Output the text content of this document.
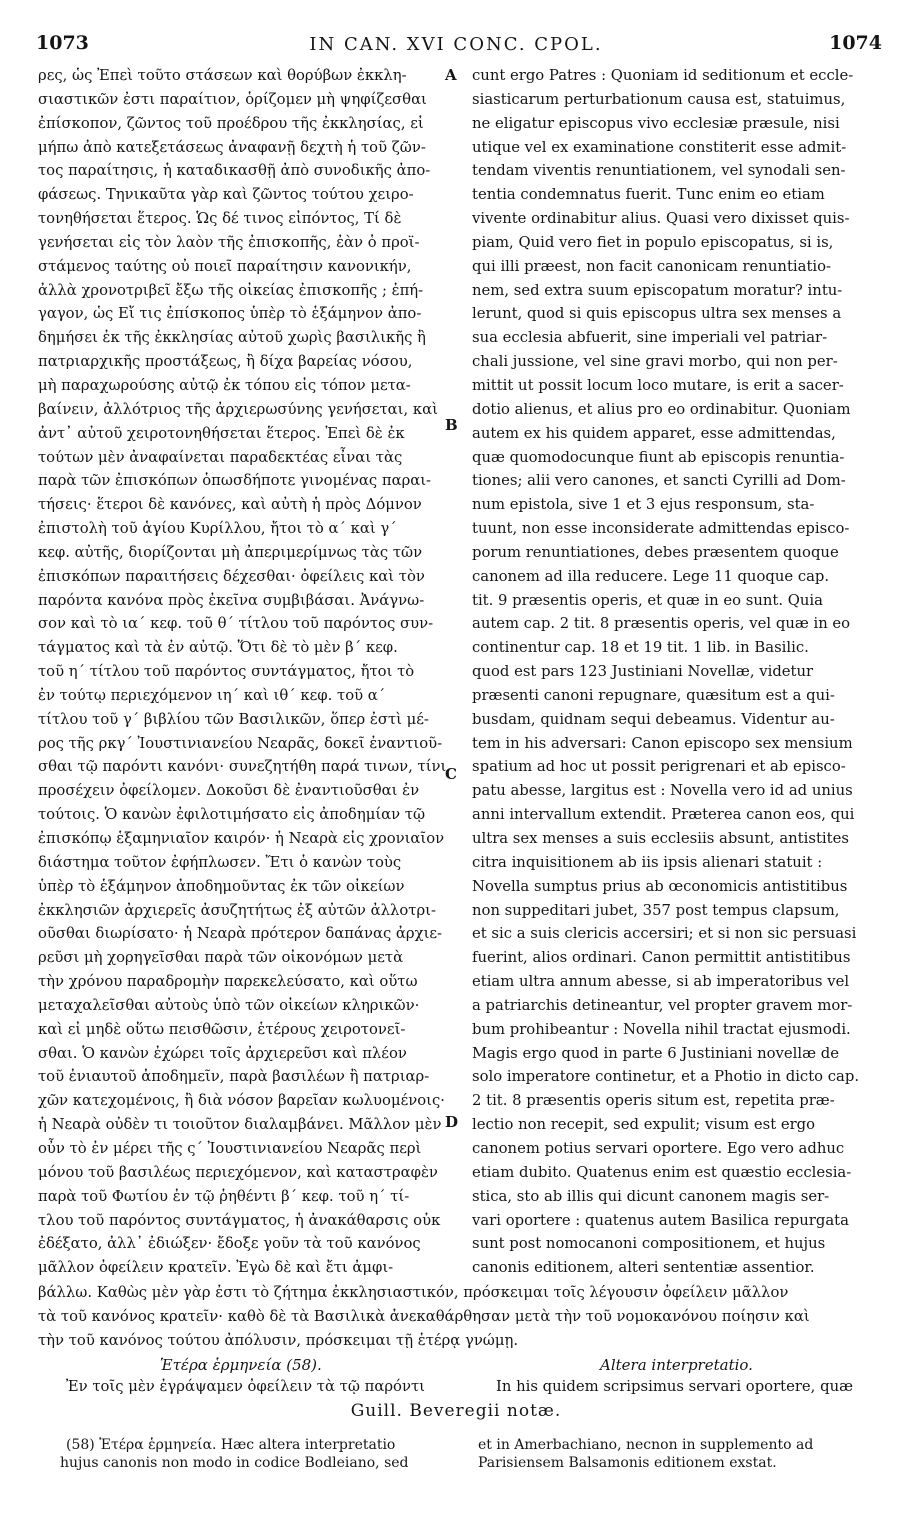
1073	IN CAN. XVI CONC. CPOL.	1074
ρες, ὡς Ἐπεὶ τοῦτο στάσεων καὶ θορύβων ἐκκλη-
σιαστικῶν ἐστι παραίτιον, ὁρίζομεν μὴ ψηφίζεσθαι
ἐπίσκοπον, ζῶντος τοῦ προέδρου τῆς ἐκκλησίας, εἰ
μήπω ἀπὸ κατεξετάσεως ἀναφανῇ δεχτὴ ἡ τοῦ ζῶν-
τος παραίτησις, ἡ καταδικασθῇ ἀπὸ συνοδικῆς ἀπο-
φάσεως. Τηνικαῦτα γὰρ καὶ ζῶντος τούτου χειρο-
τονηθήσεται ἕτερος. Ὡς δέ τινος εἰπόντος, Τί δὲ
γενήσεται εἰς τὸν λαὸν τῆς ἐπισκοπῆς, ἐὰν ὁ προϊ-
στάμενος ταύτης οὐ ποιεῖ παραίτησιν κανονικήν,
ἀλλὰ χρονοτριβεῖ ἔξω τῆς οἰκείας ἐπισκοπῆς ; ἐπή-
γαγον, ὡς Εἴ τις ἐπίσκοπος ὑπὲρ τὸ ἑξάμηνον ἀπο-
δημήσει ἐκ τῆς ἐκκλησίας αὐτοῦ χωρὶς βασιλικῆς ἢ
πατριαρχικῆς προστάξεως, ἢ δίχα βαρείας νόσου,
μὴ παραχωρούσης αὐτῷ ἐκ τόπου εἰς τόπον μετα-
βαίνειν, ἀλλότριος τῆς ἀρχιερωσύνης γενήσεται, καὶ
ἀντ᾽ αὐτοῦ χειροτονηθήσεται ἕτερος. Ἐπεὶ δὲ ἐκ
τούτων μὲν ἀναφαίνεται παραδεκτέας εἶναι τὰς
παρὰ τῶν ἐπισκόπων ὁπωσδήποτε γινομένας παραι-
τήσεις· ἕτεροι δὲ κανόνες, καὶ αὐτὴ ἡ πρὸς Δόμνον
ἐπιστολὴ τοῦ ἁγίου Κυρίλλου, ἤτοι τὸ α´ καὶ γ´
κεφ. αὐτῆς, διορίζονται μὴ ἀπεριμερίμνως τὰς τῶν
ἐπισκόπων παραιτήσεις δέχεσθαι· ὀφείλεις καὶ τὸν
παρόντα κανόνα πρὸς ἐκεῖνα συμβιβάσαι. Ἀνάγνω-
σον καὶ τὸ ια´ κεφ. τοῦ θ´ τίτλου τοῦ παρόντος συν-
τάγματος καὶ τὰ ἐν αὐτῷ. Ὅτι δὲ τὸ μὲν β´ κεφ.
τοῦ η´ τίτλου τοῦ παρόντος συντάγματος, ἤτοι τὸ
ἐν τούτῳ περιεχόμενον ιη´ καὶ ιθ´ κεφ. τοῦ α´
τίτλου τοῦ γ´ βιβλίου τῶν Βασιλικῶν, ὅπερ ἐστὶ μέ-
ρος τῆς ρκγ´ Ἰουστινιανείου Νεαρᾶς, δοκεῖ ἐναντιοῦ-
σθαι τῷ παρόντι κανόνι· συνεζητήθη παρά τινων, τίνι
προσέχειν ὀφείλομεν. Δοκοῦσι δὲ ἐναντιοῦσθαι ἐν
τούτοις. Ὁ κανὼν ἐφιλοτιμήσατο εἰς ἀποδημίαν τῷ
ἐπισκόπῳ ἑξαμηνιαῖον καιρόν· ἡ Νεαρὰ εἰς χρονιαῖον
διάστημα τοῦτον ἐφήπλωσεν. Ἔτι ὁ κανὼν τοὺς
ὑπὲρ τὸ ἑξάμηνον ἀποδημοῦντας ἐκ τῶν οἰκείων
ἐκκλησιῶν ἀρχιερεῖς ἀσυζητήτως ἐξ αὐτῶν ἀλλοτρι-
οῦσθαι διωρίσατο· ἡ Νεαρὰ πρότερον δαπάνας ἀρχιε-
ρεῦσι μὴ χορηγεῖσθαι παρὰ τῶν οἰκονόμων μετὰ
τὴν χρόνου παραδρομὴν παρεκελεύσατο, καὶ οὕτω
μεταχαλεῖσθαι αὐτοὺς ὑπὸ τῶν οἰκείων κληρικῶν·
καὶ εἰ μηδὲ οὕτω πεισθῶσιν, ἑτέρους χειροτονεῖ-
σθαι. Ὁ κανὼν ἐχώρει τοῖς ἀρχιερεῦσι καὶ πλέον
τοῦ ἐνιαυτοῦ ἀποδημεῖν, παρὰ βασιλέων ἢ πατριαρ-
χῶν κατεχομένοις, ἢ διὰ νόσον βαρεῖαν κωλυομένοις·
ἡ Νεαρὰ οὐδὲν τι τοιοῦτον διαλαμβάνει. Μᾶλλον μὲν
οὖν τὸ ἐν μέρει τῆς ς´ Ἰουστινιανείου Νεαρᾶς περὶ
μόνου τοῦ βασιλέως περιεχόμενον, καὶ καταστραφὲν
παρὰ τοῦ Φωτίου ἐν τῷ ῥηθέντι β´ κεφ. τοῦ η´ τί-
τλου τοῦ παρόντος συντάγματος, ἡ ἀνακάθαρσις οὐκ
ἐδέξατο, ἀλλ᾽ ἐδιώξεν· ἔδοξε γοῦν τὰ τοῦ κανόνος
μᾶλλον ὀφείλειν κρατεῖν. Ἐγὼ δὲ καὶ ἔτι ἀμφι-
cunt ergo Patres : Quoniam id seditionum et eccle-
siasticarum perturbationum causa est, statuimus,
ne eligatur episcopus vivo ecclesiæ præsule, nisi
utique vel ex examinatione constiterit esse admit-
tendam viventis renuntiationem, vel synodali sen-
tentia condemnatus fuerit. Tunc enim eo etiam
vivente ordinabitur alius. Quasi vero dixisset quis-
piam, Quid vero fiet in populo episcopatus, si is,
qui illi præest, non facit canonicam renuntiatio-
nem, sed extra suum episcopatum moratur? intu-
lerunt, quod si quis episcopus ultra sex menses a
sua ecclesia abfuerit, sine imperiali vel patriar-
chali jussione, vel sine gravi morbo, qui non per-
mittit ut possit locum loco mutare, is erit a sacer-
dotio alienus, et alius pro eo ordinabitur. Quoniam
autem ex his quidem apparet, esse admittendas,
quæ quomodocunque fiunt ab episcopis renuntia-
tiones; alii vero canones, et sancti Cyrilli ad Dom-
num epistola, sive 1 et 3 ejus responsum, sta-
tuunt, non esse inconsiderate admittendas episco-
porum renuntiationes, debes præsentem quoque
canonem ad illa reducere. Lege 11 quoque cap.
tit. 9 præsentis operis, et quæ in eo sunt. Quia
autem cap. 2 tit. 8 præsentis operis, vel quæ in eo
continentur cap. 18 et 19 tit. 1 lib. in Basilic.
quod est pars 123 Justiniani Novellæ, videtur
præsenti canoni repugnare, quæsitum est a qui-
busdam, quidnam sequi debeamus. Videntur au-
tem in his adversari: Canon episcopo sex mensium
spatium ad hoc ut possit perigrenari et ab episco-
patu abesse, largitus est : Novella vero id ad unius
anni intervallum extendit. Præterea canon eos, qui
ultra sex menses a suis ecclesiis absunt, antistites
citra inquisitionem ab iis ipsis alienari statuit :
Novella sumptus prius ab œconomicis antistitibus
non suppeditari jubet, 357 post tempus clapsum,
et sic a suis clericis accersiri; et si non sic persuasi
fuerint, alios ordinari. Canon permittit antistitibus
etiam ultra annum abesse, si ab imperatoribus vel
a patriarchis detineantur, vel propter gravem mor-
bum prohibeantur : Novella nihil tractat ejusmodi.
Magis ergo quod in parte 6 Justiniani novellæ de
solo imperatore continetur, et a Photio in dicto cap.
2 tit. 8 præsentis operis situm est, repetita præ-
lectio non recepit, sed expulit; visum est ergo
canonem potius servari oportere. Ego vero adhuc
etiam dubito. Quatenus enim est quæstio ecclesia-
stica, sto ab illis qui dicunt canonem magis ser-
vari oportere : quatenus autem Basilica repurgata
sunt post nomocanoni compositionem, et hujus
canonis editionem, alteri sententiæ assentior.
A
B
C
D
βάλλω. Καθὼς μὲν γὰρ ἐστι τὸ ζήτημα ἐκκλησιαστικόν, πρόσκειμαι τοῖς λέγουσιν ὀφείλειν μᾶλλον
τὰ τοῦ κανόνος κρατεῖν· καθὸ δὲ τὰ Βασιλικὰ ἀνεκαθάρθησαν μετὰ τὴν τοῦ νομοκανόνου ποίησιν καὶ
τὴν τοῦ κανόνος τούτου ἀπόλυσιν, πρόσκειμαι τῇ ἑτέρᾳ γνώμῃ.
Ἑτέρα ἑρμηνεία (58).	Altera interpretatio.
Ἐν τοῖς μὲν ἐγράψαμεν ὀφείλειν τὰ τῷ παρόντι	In his quidem scripsimus servari oportere, quæ
Guill. Beveregii notæ.
(58) Ἑτέρα ἑρμηνεία. Hæc altera interpretatio
hujus canonis non modo in codice Bodleiano, sed
et in Amerbachiano, necnon in supplemento ad
Parisiensem Balsamonis editionem exstat.
